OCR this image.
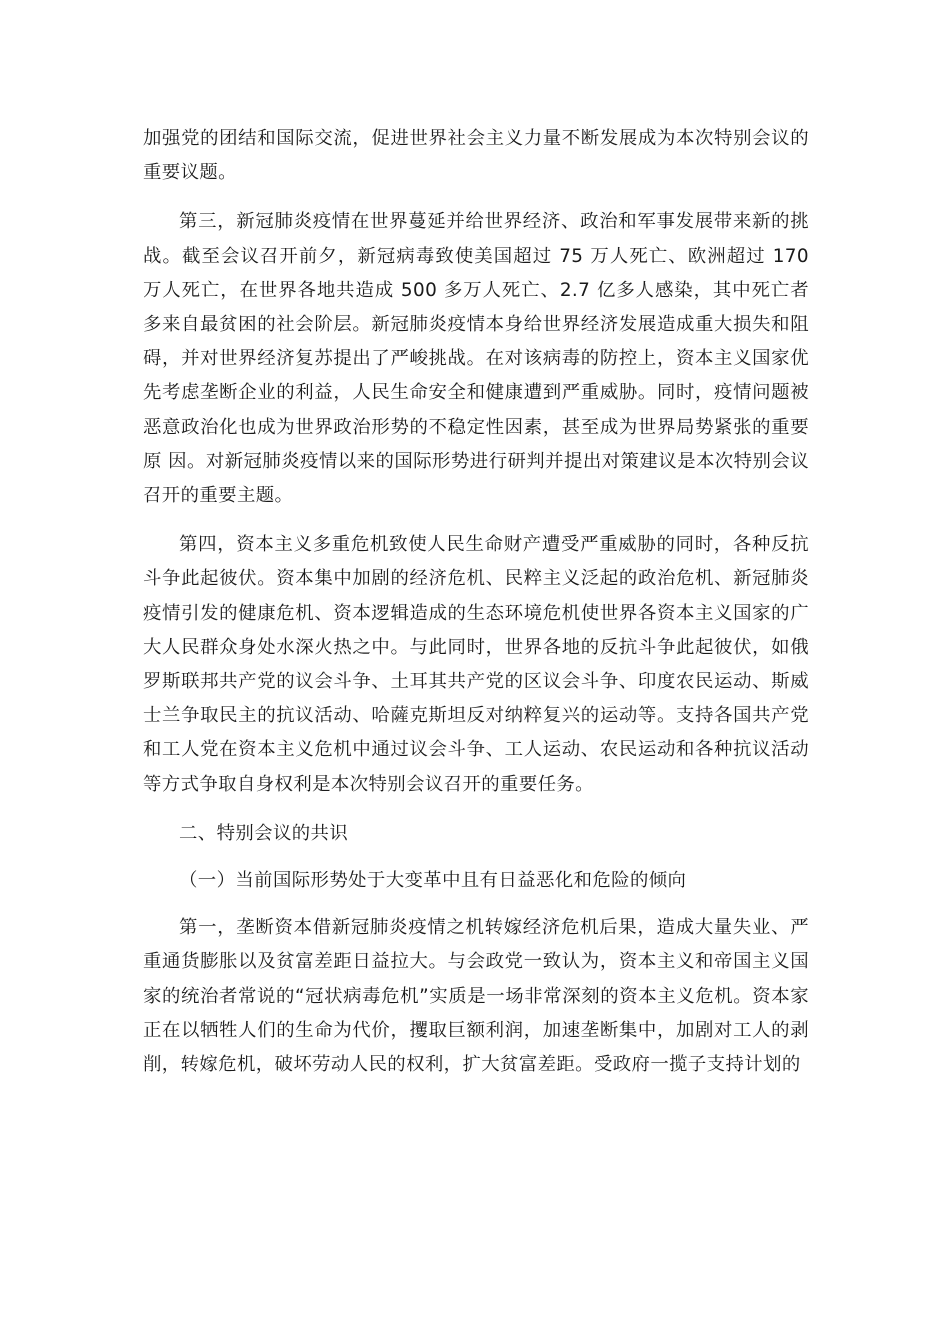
加强党的团结和国际交流，促进世界社会主义力量不断发展成为本次特别会议的重要议题。

第三，新冠肺炎疫情在世界蔓延并给世界经济、政治和军事发展带来新的挑战。截至会议召开前夕，新冠病毒致使美国超过 75 万人死亡、欧洲超过 170 万人死亡，在世界各地共造成 500 多万人死亡、2.7 亿多人感染，其中死亡者多来自最贫困的社会阶层。新冠肺炎疫情本身给世界经济发展造成重大损失和阻碍，并对世界经济复苏提出了严峻挑战。在对该病毒的防控上，资本主义国家优先考虑垄断企业的利益，人民生命安全和健康遭到严重威胁。同时，疫情问题被恶意政治化也成为世界政治形势的不稳定性因素，甚至成为世界局势紧张的重要原 因。对新冠肺炎疫情以来的国际形势进行研判并提出对策建议是本次特别会议召开的重要主题。

第四，资本主义多重危机致使人民生命财产遭受严重威胁的同时，各种反抗斗争此起彼伏。资本集中加剧的经济危机、民粹主义泛起的政治危机、新冠肺炎疫情引发的健康危机、资本逻辑造成的生态环境危机使世界各资本主义国家的广大人民群众身处水深火热之中。与此同时，世界各地的反抗斗争此起彼伏，如俄罗斯联邦共产党的议会斗争、土耳其共产党的区议会斗争、印度农民运动、斯威士兰争取民主的抗议活动、哈薩克斯坦反对纳粹复兴的运动等。支持各国共产党和工人党在资本主义危机中通过议会斗争、工人运动、农民运动和各种抗议活动等方式争取自身权利是本次特别会议召开的重要任务。

二、特别会议的共识

（一）当前国际形势处于大变革中且有日益恶化和危险的倾向

第一，垄断资本借新冠肺炎疫情之机转嫁经济危机后果，造成大量失业、严重通货膨胀以及贫富差距日益拉大。与会政党一致认为，资本主义和帝国主义国家的统治者常说的“冠状病毒危机”实质是一场非常深刻的资本主义危机。资本家正在以牺牲人们的生命为代价，攫取巨额利润，加速垄断集中，加剧对工人的剥削，转嫁危机，破坏劳动人民的权利，扩大贫富差距。受政府一揽子支持计划的
